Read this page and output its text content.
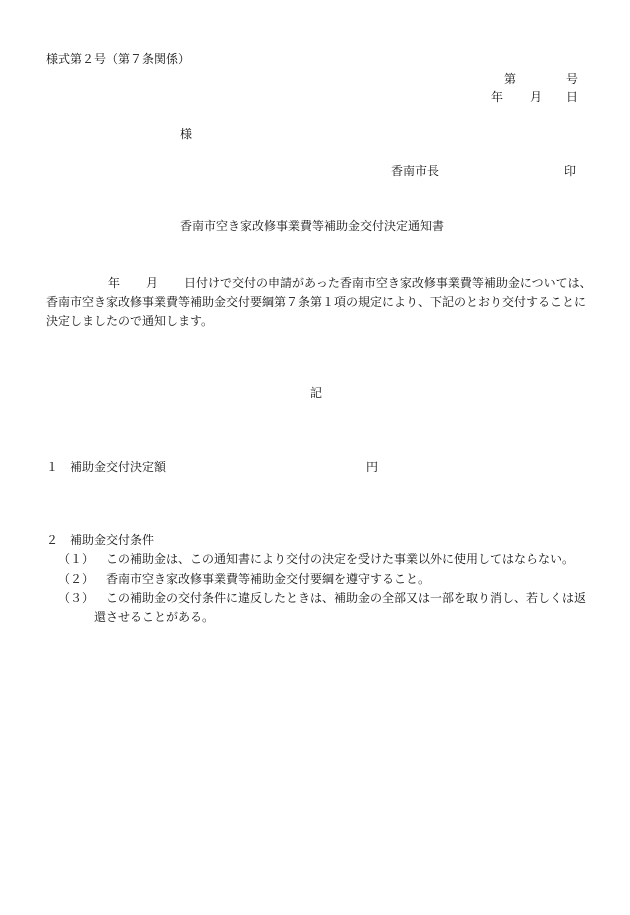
様式第２号（第７条関係）
第	号
年 月 日
様
香南市長	印
香南市空き家改修事業費等補助金交付決定通知書
年 月 日付けで交付の申請があった香南市空き家改修事業費等補助金については、香南市空き家改修事業費等補助金交付要綱第７条第１項の規定により、下記のとおり交付することに決定しましたので通知します。
記
１ 補助金交付決定額	円
２ 補助金交付条件
（１） この補助金は、この通知書により交付の決定を受けた事業以外に使用してはならない。
（２） 香南市空き家改修事業費等補助金交付要綱を遵守すること。
（３） この補助金の交付条件に違反したときは、補助金の全部又は一部を取り消し、若しくは返還させることがある。
